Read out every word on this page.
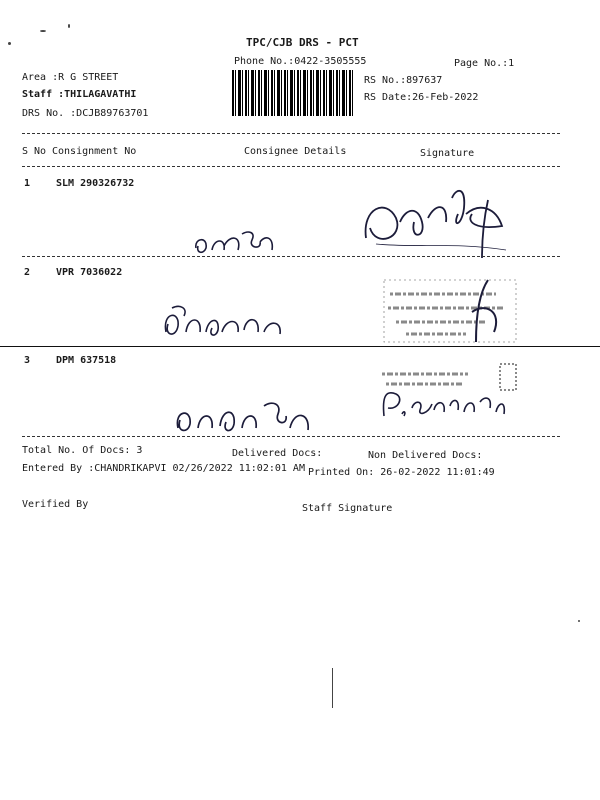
TPC/CJB DRS - PCT
Phone No.:0422-3505555	Page No.:1
Area :R G STREET
Staff :THILAGAVATHI
DRS No. :DCJB89763701
RS No.:897637
RS Date:26-Feb-2022
S No Consignment No	Consignee Details	Signature
1	SLM 290326732
2	VPR 7036022
3	DPM 637518
Total No. Of Docs: 3	Delivered Docs:	Non Delivered Docs:
Entered By :CHANDRIKAPVI 02/26/2022 11:02:01 AM Printed On: 26-02-2022 11:01:49
Verified By	Staff Signature
